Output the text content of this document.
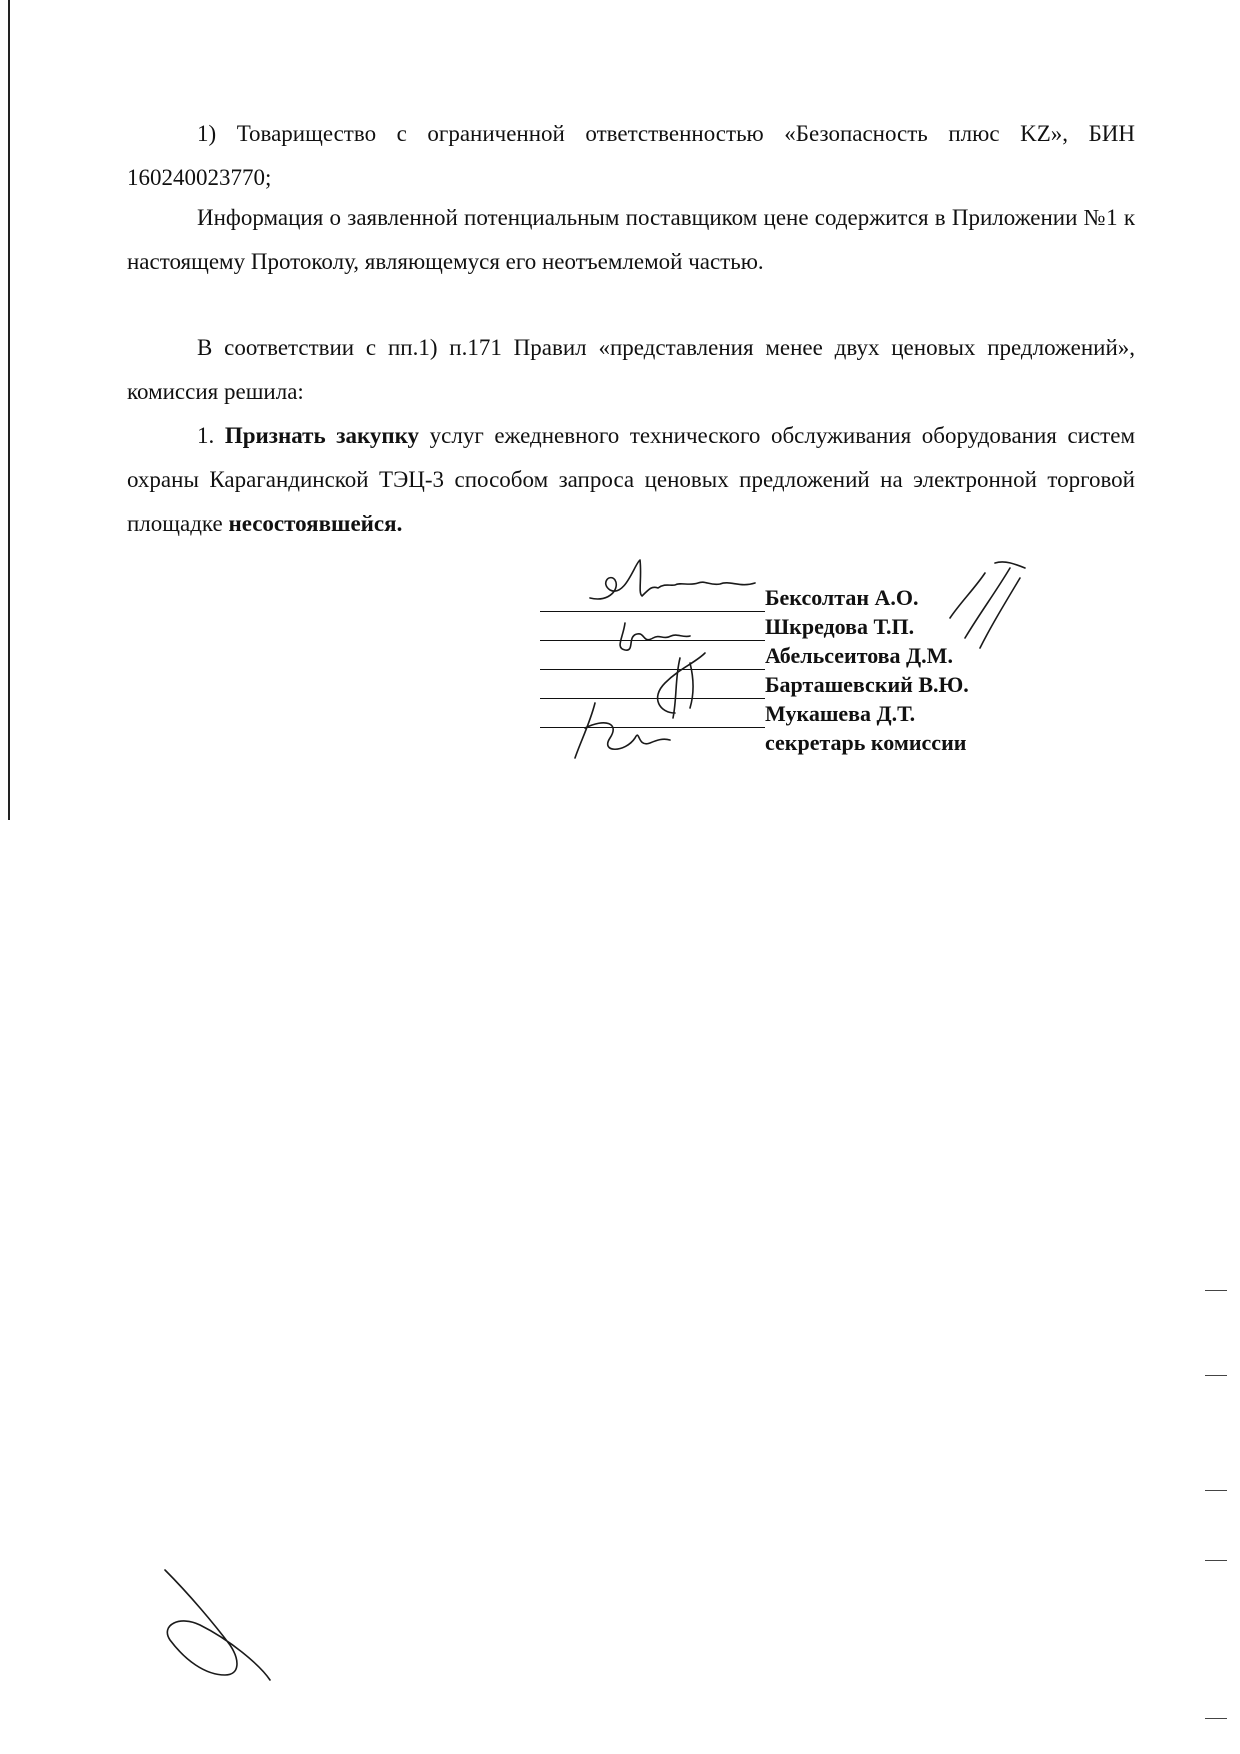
1) Товарищество с ограниченной ответственностью «Безопасность плюс KZ», БИН 160240023770;

Информация о заявленной потенциальным поставщиком цене содержится в Приложении №1 к настоящему Протоколу, являющемуся его неотъемлемой частью.

В соответствии с пп.1) п.171 Правил «представления менее двух ценовых предложений», комиссия решила:

1. Признать закупку услуг ежедневного технического обслуживания оборудования систем охраны Карагандинской ТЭЦ-3 способом запроса ценовых предложений на электронной торговой площадке несостоявшейся.

Бексолтан А.О.
Шкредова Т.П.
Абельсеитова Д.М.
Барташевский В.Ю.
Мукашева Д.Т.
секретарь комиссии
